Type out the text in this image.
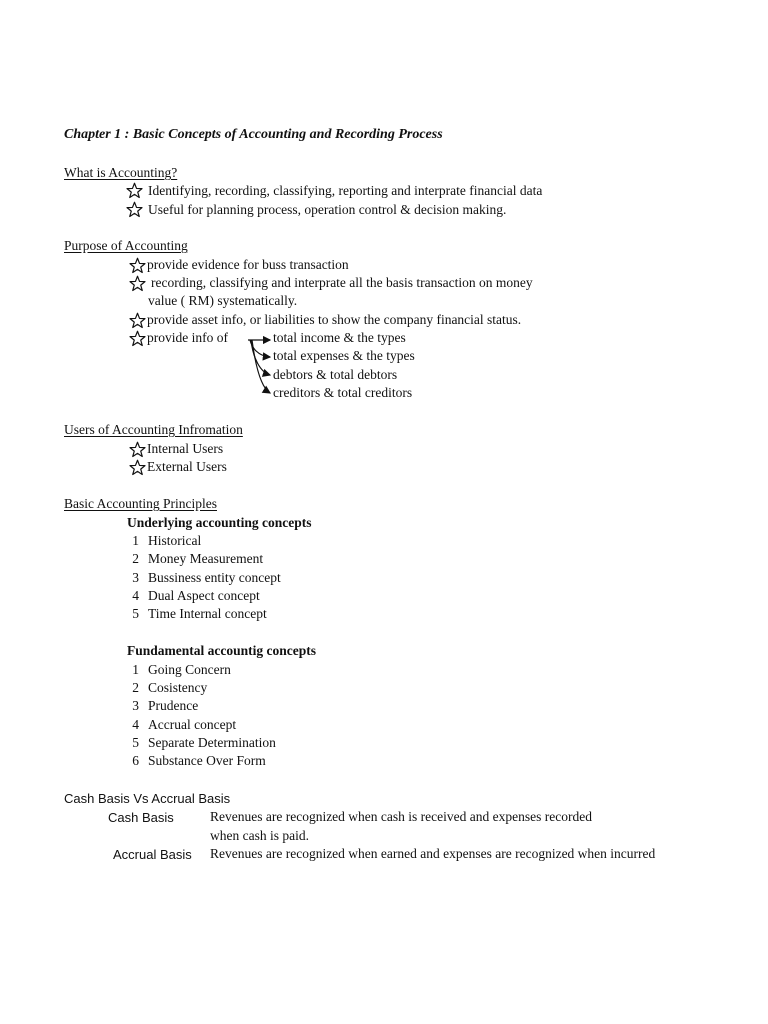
Chapter 1 : Basic Concepts of Accounting and Recording Process
What is Accounting?
Identifying, recording, classifying, reporting and interprate financial data
Useful for planning process, operation control & decision making.
Purpose of Accounting
provide evidence for buss transaction
recording, classifying and interprate all the basis transaction on money
value ( RM) systematically.
provide asset info, or liabilities to show the company financial status.
provide info of	total income & the types
total expenses & the types
debtors & total debtors
creditors & total creditors
Users of Accounting Infromation
Internal Users
External Users
Basic Accounting Principles
Underlying accounting concepts
1 Historical
2 Money Measurement
3 Bussiness entity concept
4 Dual Aspect concept
5 Time Internal concept
Fundamental accountig concepts
1 Going Concern
2 Cosistency
3 Prudence
4 Accrual concept
5 Separate Determination
6 Substance Over Form
Cash Basis Vs Accrual Basis
Cash Basis	Revenues are recognized when cash is received and expenses recorded
when cash is paid.
Accrual Basis Revenues are recognized when earned and expenses are recognized when incurred
